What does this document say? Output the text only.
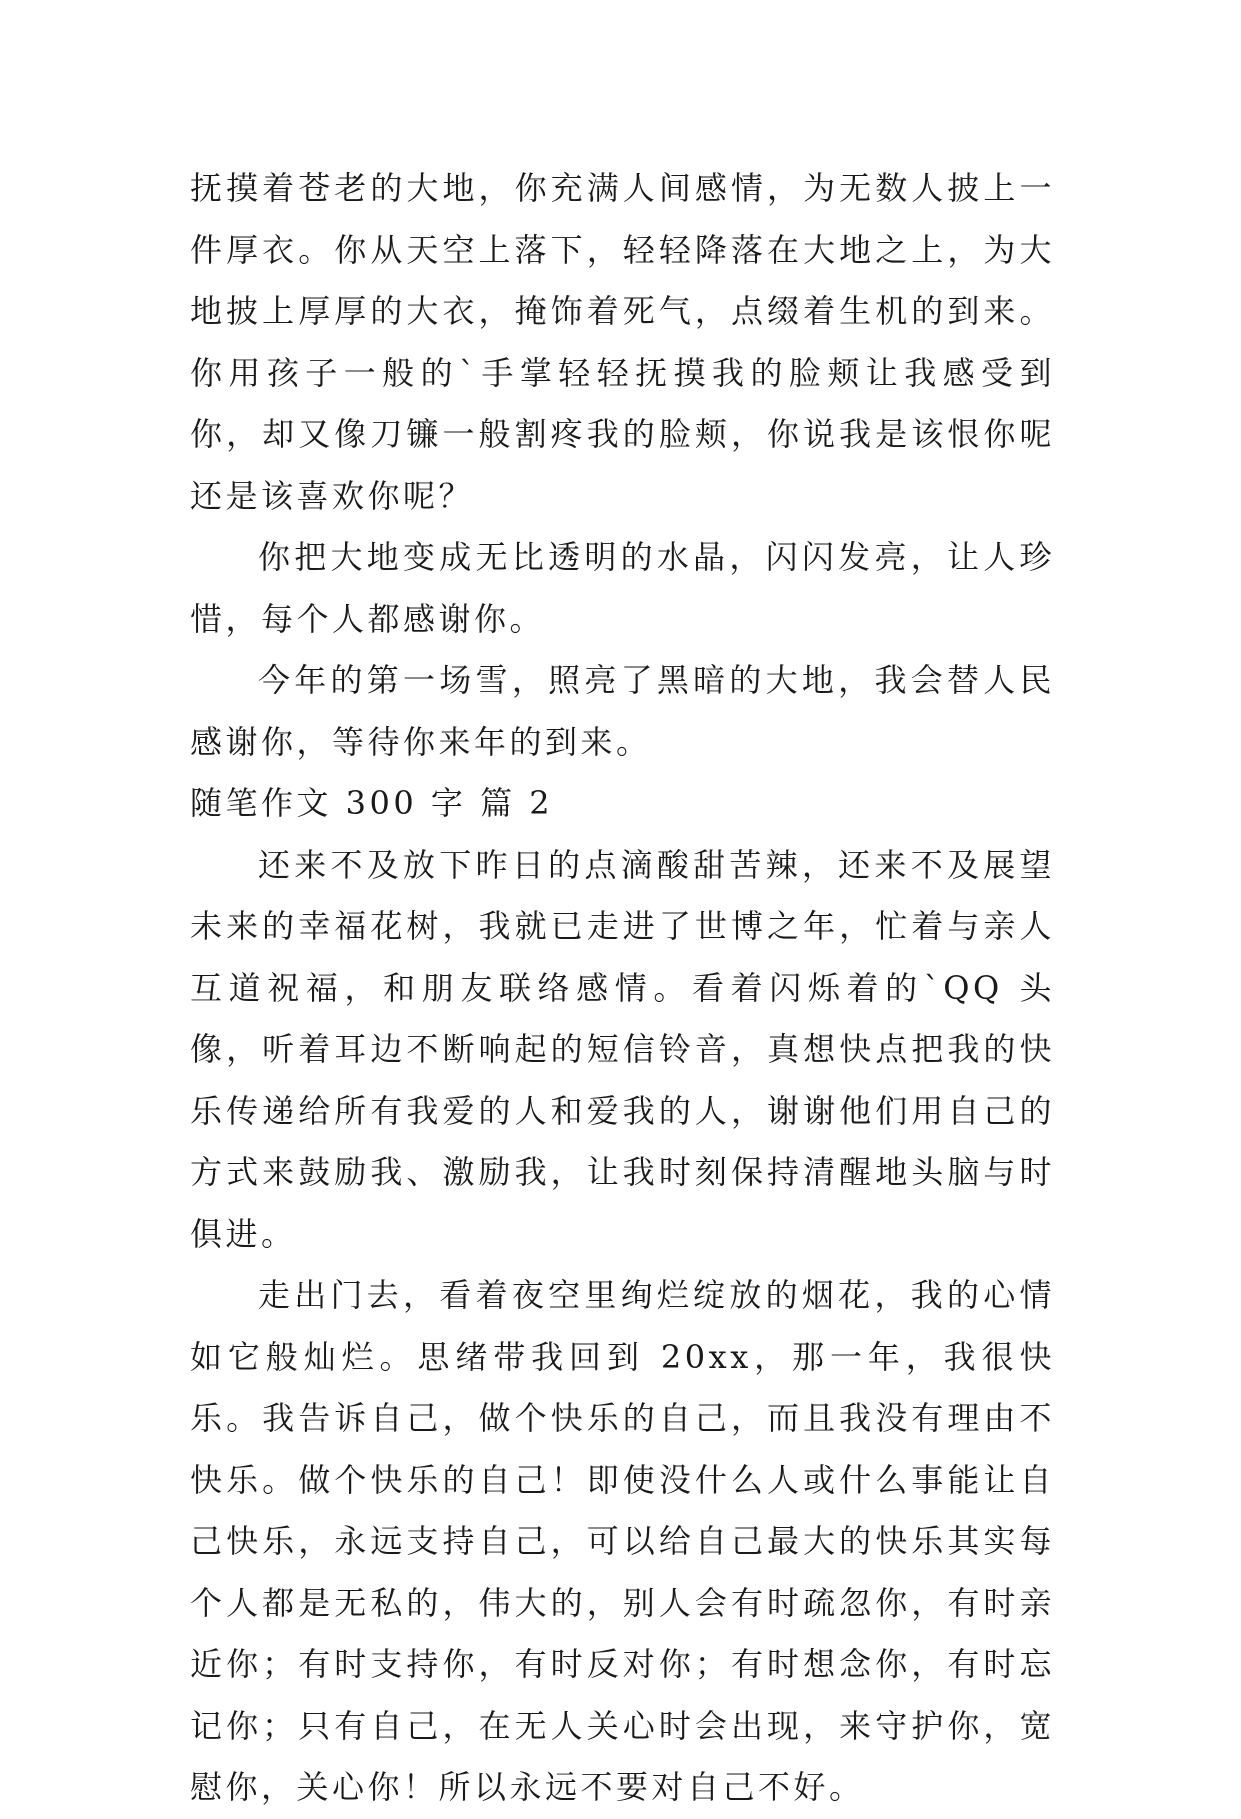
抚摸着苍老的大地，你充满人间感情，为无数人披上一件厚衣。你从天空上落下，轻轻降落在大地之上，为大地披上厚厚的大衣，掩饰着死气，点缀着生机的到来。你用孩子一般的`手掌轻轻抚摸我的脸颊让我感受到你，却又像刀镰一般割疼我的脸颊，你说我是该恨你呢还是该喜欢你呢？

你把大地变成无比透明的水晶，闪闪发亮，让人珍惜，每个人都感谢你。

今年的第一场雪，照亮了黑暗的大地，我会替人民感谢你，等待你来年的到来。

随笔作文 300 字 篇 2

还来不及放下昨日的点滴酸甜苦辣，还来不及展望未来的幸福花树，我就已走进了世博之年，忙着与亲人互道祝福，和朋友联络感情。看着闪烁着的`QQ 头像，听着耳边不断响起的短信铃音，真想快点把我的快乐传递给所有我爱的人和爱我的人，谢谢他们用自己的方式来鼓励我、激励我，让我时刻保持清醒地头脑与时俱进。

走出门去，看着夜空里绚烂绽放的烟花，我的心情如它般灿烂。思绪带我回到 20xx，那一年，我很快乐。我告诉自己，做个快乐的自己，而且我没有理由不快乐。做个快乐的自己！即使没什么人或什么事能让自己快乐，永远支持自己，可以给自己最大的快乐其实每个人都是无私的，伟大的，别人会有时疏忽你，有时亲近你；有时支持你，有时反对你；有时想念你，有时忘记你；只有自己，在无人关心时会出现，来守护你，宽慰你，关心你！所以永远不要对自己不好。
